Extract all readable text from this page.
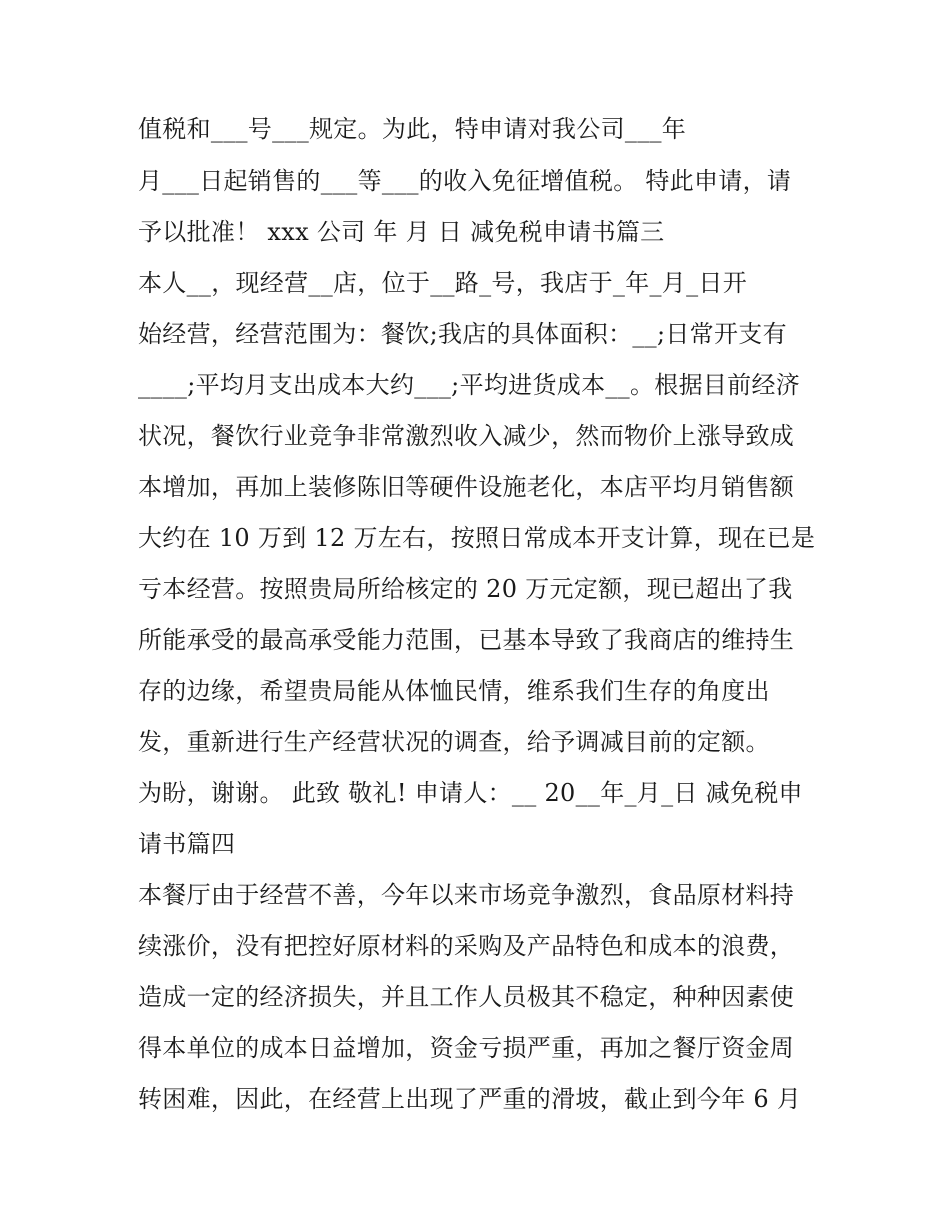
值税和___号___规定。为此，特申请对我公司___年
月___日起销售的___等___的收入免征增值税。 特此申请，请
予以批准！ xxx 公司 年 月 日 减免税申请书篇三
本人__，现经营__店，位于__路_号，我店于_年_月_日开
始经营，经营范围为：餐饮;我店的具体面积：__;日常开支有
____;平均月支出成本大约___;平均进货成本__。根据目前经济
状况，餐饮行业竞争非常激烈收入减少，然而物价上涨导致成
本增加，再加上装修陈旧等硬件设施老化，本店平均月销售额
大约在 10 万到 12 万左右，按照日常成本开支计算，现在已是
亏本经营。按照贵局所给核定的 20 万元定额，现已超出了我
所能承受的最高承受能力范围，已基本导致了我商店的维持生
存的边缘，希望贵局能从体恤民情，维系我们生存的角度出
发，重新进行生产经营状况的调查，给予调减目前的定额。
为盼，谢谢。 此致 敬礼! 申请人：__ 20__年_月_日 减免税申
请书篇四
本餐厅由于经营不善，今年以来市场竞争激烈，食品原材料持
续涨价，没有把控好原材料的采购及产品特色和成本的浪费，
造成一定的经济损失，并且工作人员极其不稳定，种种因素使
得本单位的成本日益增加，资金亏损严重，再加之餐厅资金周
转困难，因此，在经营上出现了严重的滑坡，截止到今年 6 月
